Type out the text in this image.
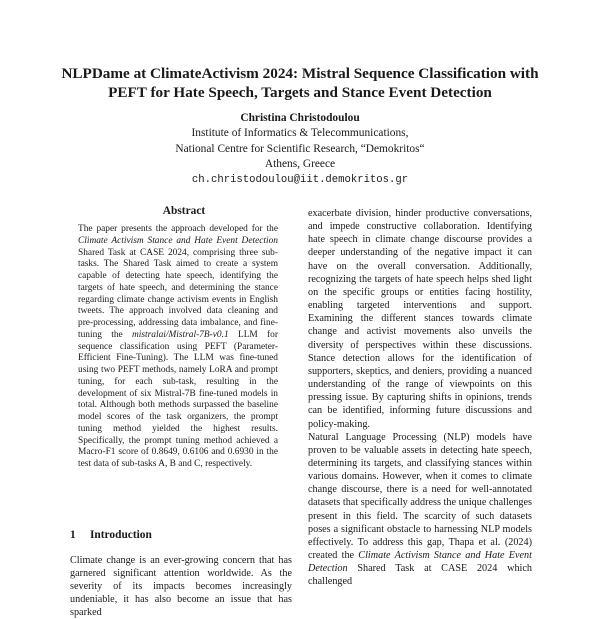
NLPDame at ClimateActivism 2024: Mistral Sequence Classification with
PEFT for Hate Speech, Targets and Stance Event Detection
Christina Christodoulou
Institute of Informatics & Telecommunications,
National Centre for Scientific Research, “Demokritos“
Athens, Greece
ch.christodoulou@iit.demokritos.gr
Abstract
The paper presents the approach developed for the Climate Activism Stance and Hate Event Detection Shared Task at CASE 2024, comprising three sub-tasks. The Shared Task aimed to create a system capable of detecting hate speech, identifying the targets of hate speech, and determining the stance regarding climate change activism events in English tweets. The approach involved data cleaning and pre-processing, addressing data imbalance, and fine-tuning the mistralai/Mistral-7B-v0.1 LLM for sequence classification using PEFT (Parameter-Efficient Fine-Tuning). The LLM was fine-tuned using two PEFT methods, namely LoRA and prompt tuning, for each sub-task, resulting in the development of six Mistral-7B fine-tuned models in total. Although both methods surpassed the baseline model scores of the task organizers, the prompt tuning method yielded the highest results. Specifically, the prompt tuning method achieved a Macro-F1 score of 0.8649, 0.6106 and 0.6930 in the test data of sub-tasks A, B and C, respectively.
1 Introduction
Climate change is an ever-growing concern that has garnered significant attention worldwide. As the severity of its impacts becomes increasingly undeniable, it has also become an issue that has sparked

exacerbate division, hinder productive conversations, and impede constructive collaboration. Identifying hate speech in climate change discourse provides a deeper understanding of the negative impact it can have on the overall conversation. Additionally, recognizing the targets of hate speech helps shed light on the specific groups or entities facing hostility, enabling targeted interventions and support. Examining the different stances towards climate change and activist movements also unveils the diversity of perspectives within these discussions. Stance detection allows for the identification of supporters, skeptics, and deniers, providing a nuanced understanding of the range of viewpoints on this pressing issue. By capturing shifts in opinions, trends can be identified, informing future discussions and policy-making.

Natural Language Processing (NLP) models have proven to be valuable assets in detecting hate speech, determining its targets, and classifying stances within various domains. However, when it comes to climate change discourse, there is a need for well-annotated datasets that specifically address the unique challenges present in this field. The scarcity of such datasets poses a significant obstacle to harnessing NLP models effectively. To address this gap, Thapa et al. (2024) created the Climate Activism Stance and Hate Event Detection Shared Task at CASE 2024 which challenged
